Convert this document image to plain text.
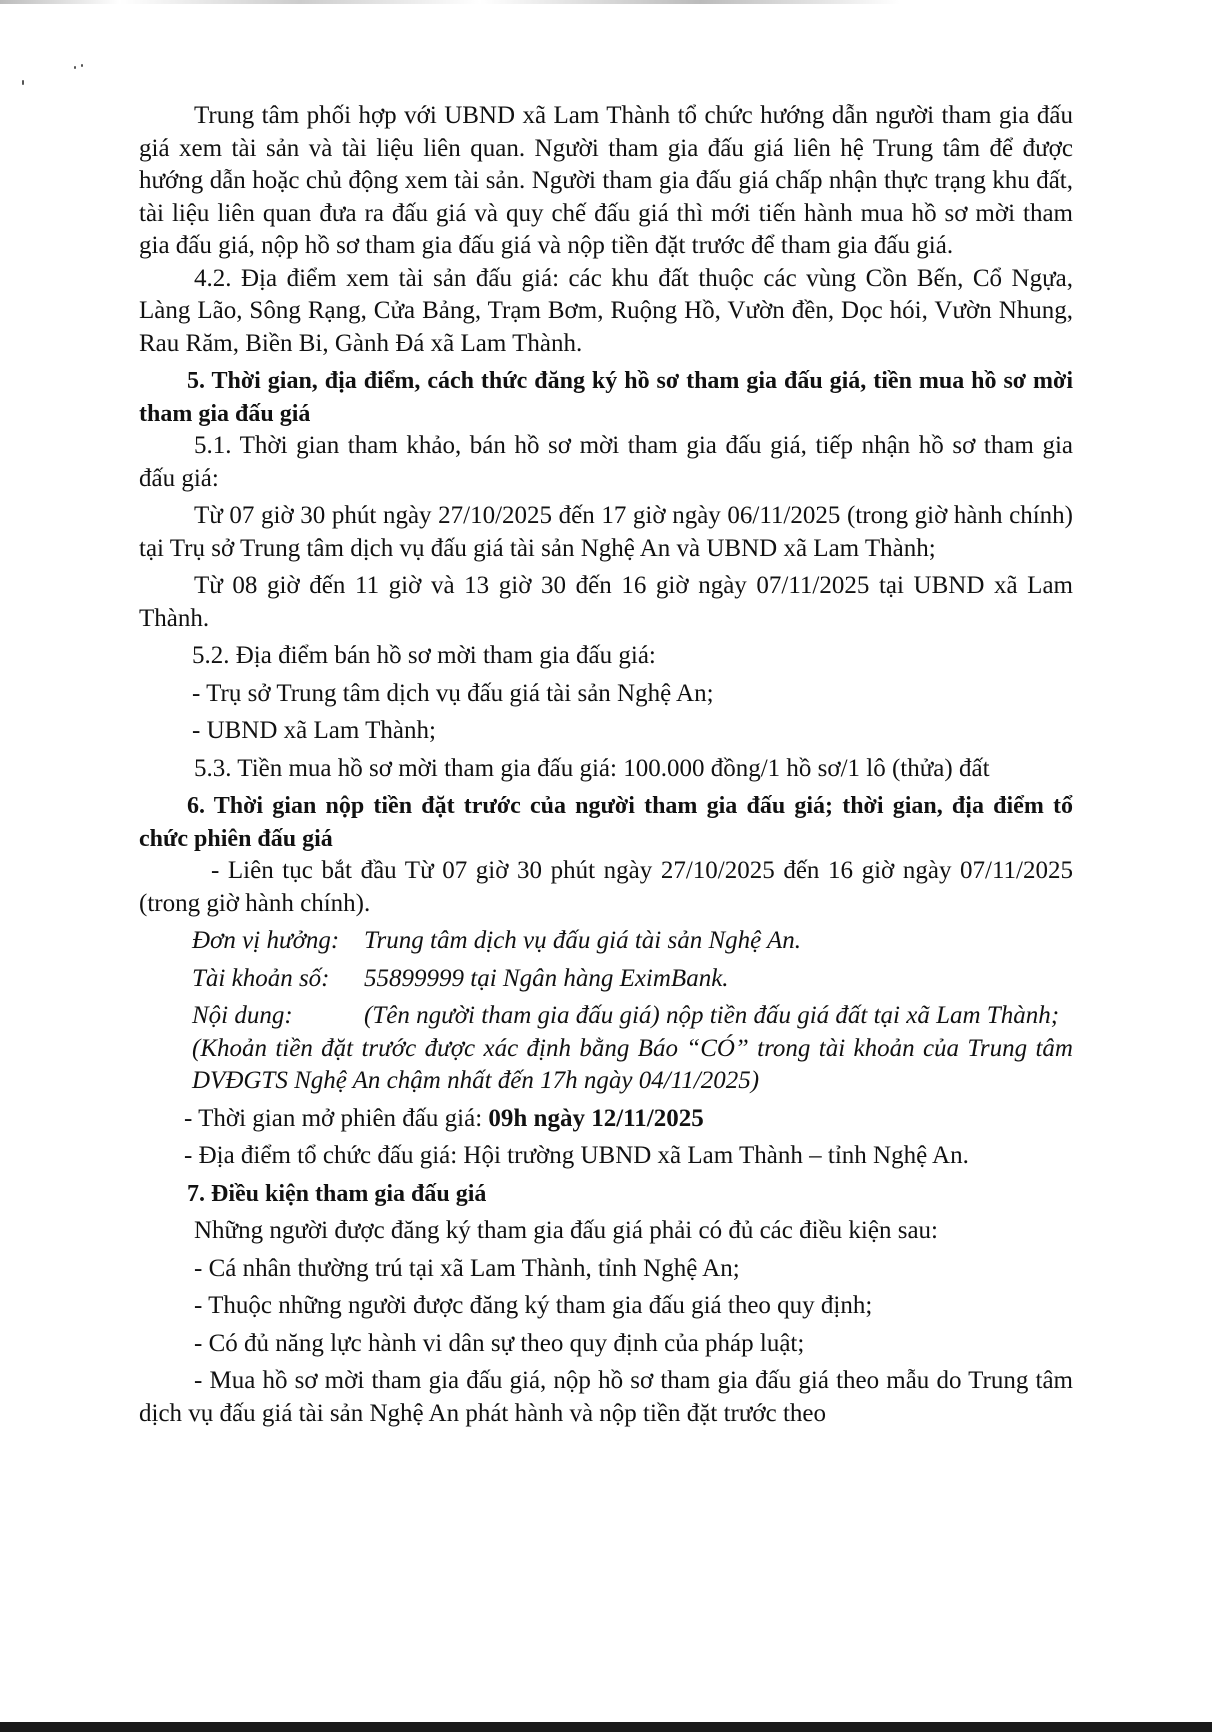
Trung tâm phối hợp với UBND xã Lam Thành tổ chức hướng dẫn người tham gia đấu giá xem tài sản và tài liệu liên quan. Người tham gia đấu giá liên hệ Trung tâm để được hướng dẫn hoặc chủ động xem tài sản. Người tham gia đấu giá chấp nhận thực trạng khu đất, tài liệu liên quan đưa ra đấu giá và quy chế đấu giá thì mới tiến hành mua hồ sơ mời tham gia đấu giá, nộp hồ sơ tham gia đấu giá và nộp tiền đặt trước để tham gia đấu giá.

4.2. Địa điểm xem tài sản đấu giá: các khu đất thuộc các vùng Cồn Bến, Cổ Ngựa, Làng Lão, Sông Rạng, Cửa Bảng, Trạm Bơm, Ruộng Hồ, Vườn đền, Dọc hói, Vườn Nhung, Rau Răm, Biền Bi, Gành Đá xã Lam Thành.

5. Thời gian, địa điểm, cách thức đăng ký hồ sơ tham gia đấu giá, tiền mua hồ sơ mời tham gia đấu giá

5.1. Thời gian tham khảo, bán hồ sơ mời tham gia đấu giá, tiếp nhận hồ sơ tham gia đấu giá:

Từ 07 giờ 30 phút ngày 27/10/2025 đến 17 giờ ngày 06/11/2025 (trong giờ hành chính) tại Trụ sở Trung tâm dịch vụ đấu giá tài sản Nghệ An và UBND xã Lam Thành;

Từ 08 giờ đến 11 giờ và 13 giờ 30 đến 16 giờ ngày 07/11/2025 tại UBND xã Lam Thành.

5.2. Địa điểm bán hồ sơ mời tham gia đấu giá:

- Trụ sở Trung tâm dịch vụ đấu giá tài sản Nghệ An;

- UBND xã Lam Thành;

5.3. Tiền mua hồ sơ mời tham gia đấu giá: 100.000 đồng/1 hồ sơ/1 lô (thửa) đất

6. Thời gian nộp tiền đặt trước của người tham gia đấu giá; thời gian, địa điểm tổ chức phiên đấu giá

- Liên tục bắt đầu Từ 07 giờ 30 phút ngày 27/10/2025 đến 16 giờ ngày 07/11/2025 (trong giờ hành chính).

Đơn vị hưởng: Trung tâm dịch vụ đấu giá tài sản Nghệ An.

Tài khoản số: 55899999 tại Ngân hàng EximBank.

Nội dung:	(Tên người tham gia đấu giá) nộp tiền đấu giá đất tại xã Lam Thành;

(Khoản tiền đặt trước được xác định bằng Báo “CÓ” trong tài khoản của Trung tâm DVĐGTS Nghệ An chậm nhất đến 17h ngày 04/11/2025)

- Thời gian mở phiên đấu giá: 09h ngày 12/11/2025

- Địa điểm tổ chức đấu giá: Hội trường UBND xã Lam Thành – tỉnh Nghệ An.

7. Điều kiện tham gia đấu giá

Những người được đăng ký tham gia đấu giá phải có đủ các điều kiện sau:

- Cá nhân thường trú tại xã Lam Thành, tỉnh Nghệ An;

- Thuộc những người được đăng ký tham gia đấu giá theo quy định;

- Có đủ năng lực hành vi dân sự theo quy định của pháp luật;

- Mua hồ sơ mời tham gia đấu giá, nộp hồ sơ tham gia đấu giá theo mẫu do Trung tâm dịch vụ đấu giá tài sản Nghệ An phát hành và nộp tiền đặt trước theo
